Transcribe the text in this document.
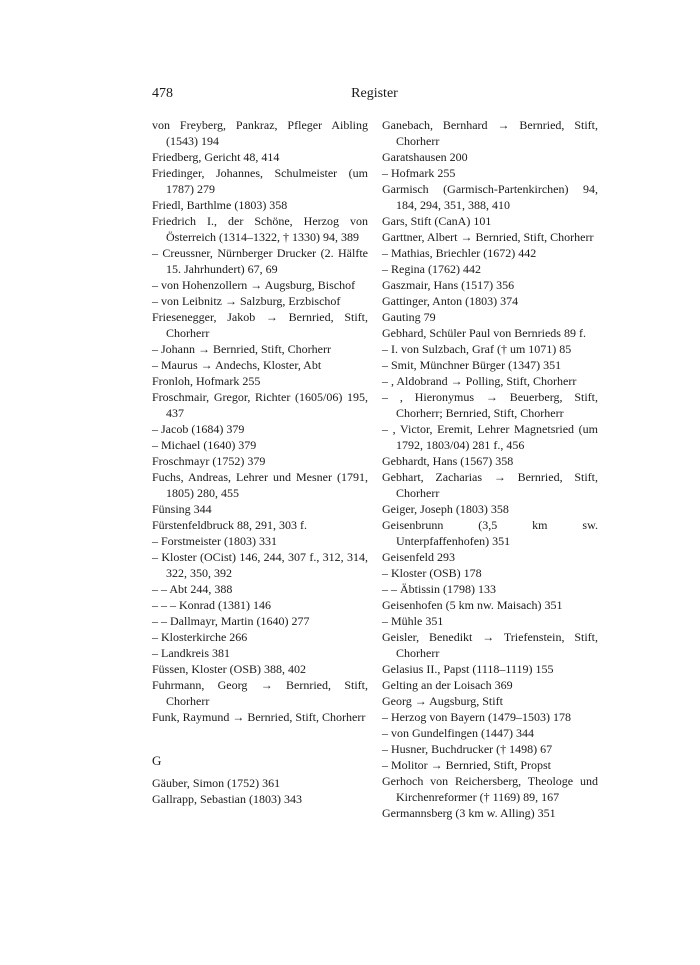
478	Register
von Freyberg, Pankraz, Pfleger Aibling (1543) 194
Friedberg, Gericht 48, 414
Friedinger, Johannes, Schulmeister (um 1787) 279
Friedl, Barthlme (1803) 358
Friedrich I., der Schöne, Herzog von Österreich (1314–1322, † 1330) 94, 389
– Creussner, Nürnberger Drucker (2. Hälfte 15. Jahrhundert) 67, 69
– von Hohenzollern → Augsburg, Bischof
– von Leibnitz → Salzburg, Erzbischof
Friesenegger, Jakob → Bernried, Stift, Chorherr
– Johann → Bernried, Stift, Chorherr
– Maurus → Andechs, Kloster, Abt
Fronloh, Hofmark 255
Froschmair, Gregor, Richter (1605/06) 195, 437
– Jacob (1684) 379
– Michael (1640) 379
Froschmayr (1752) 379
Fuchs, Andreas, Lehrer und Mesner (1791, 1805) 280, 455
Fünsing 344
Fürstenfeldbruck 88, 291, 303 f.
– Forstmeister (1803) 331
– Kloster (OCist) 146, 244, 307 f., 312, 314, 322, 350, 392
– – Abt 244, 388
– – – Konrad (1381) 146
– – Dallmayr, Martin (1640) 277
– Klosterkirche 266
– Landkreis 381
Füssen, Kloster (OSB) 388, 402
Fuhrmann, Georg → Bernried, Stift, Chorherr
Funk, Raymund → Bernried, Stift, Chorherr
G
Gäuber, Simon (1752) 361
Gallrapp, Sebastian (1803) 343
Ganebach, Bernhard → Bernried, Stift, Chorherr
Garatshausen 200
– Hofmark 255
Garmisch (Garmisch-Partenkirchen) 94, 184, 294, 351, 388, 410
Gars, Stift (CanA) 101
Garttner, Albert → Bernried, Stift, Chorherr
– Mathias, Briechler (1672) 442
– Regina (1762) 442
Gaszmair, Hans (1517) 356
Gattinger, Anton (1803) 374
Gauting 79
Gebhard, Schüler Paul von Bernrieds 89 f.
– I. von Sulzbach, Graf († um 1071) 85
– Smit, Münchner Bürger (1347) 351
– , Aldobrand → Polling, Stift, Chorherr
– , Hieronymus → Beuerberg, Stift, Chorherr; Bernried, Stift, Chorherr
– , Victor, Eremit, Lehrer Magnetsried (um 1792, 1803/04) 281 f., 456
Gebhardt, Hans (1567) 358
Gebhart, Zacharias → Bernried, Stift, Chorherr
Geiger, Joseph (1803) 358
Geisenbrunn (3,5 km sw. Unterpfaffenhofen) 351
Geisenfeld 293
– Kloster (OSB) 178
– – Äbtissin (1798) 133
Geisenhofen (5 km nw. Maisach) 351
– Mühle 351
Geisler, Benedikt → Triefenstein, Stift, Chorherr
Gelasius II., Papst (1118–1119) 155
Gelting an der Loisach 369
Georg → Augsburg, Stift
– Herzog von Bayern (1479–1503) 178
– von Gundelfingen (1447) 344
– Husner, Buchdrucker († 1498) 67
– Molitor → Bernried, Stift, Propst
Gerhoch von Reichersberg, Theologe und Kirchenreformer († 1169) 89, 167
Germannsberg (3 km w. Alling) 351
